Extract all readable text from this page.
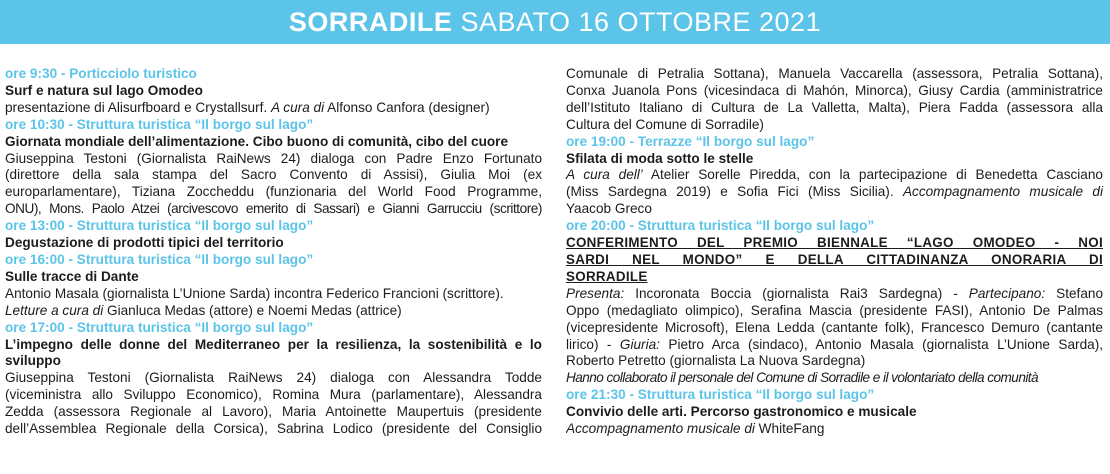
SORRADILE SABATO 16 OTTOBRE 2021
ore 9:30 - Porticciolo turistico
Surf e natura sul lago Omodeo
presentazione di Alisurfboard e Crystallsurf. A cura di Alfonso Canfora (designer)
ore 10:30 - Struttura turistica “Il borgo sul lago”
Giornata mondiale dell’alimentazione. Cibo buono di comunità, cibo del cuore
Giuseppina Testoni (Giornalista RaiNews 24) dialoga con Padre Enzo Fortunato
(direttore della sala stampa del Sacro Convento di Assisi), Giulia Moi (ex
europarlamentare), Tiziana Zoccheddu (funzionaria del World Food Programme,
ONU), Mons. Paolo Atzei (arcivescovo emerito di Sassari) e Gianni Garrucciu (scrittore)
ore 13:00 - Struttura turistica “Il borgo sul lago”
Degustazione di prodotti tipici del territorio
ore 16:00 - Struttura turistica “Il borgo sul lago”
Sulle tracce di Dante
Antonio Masala (giornalista L’Unione Sarda) incontra Federico Francioni (scrittore).
Letture a cura di Gianluca Medas (attore) e Noemi Medas (attrice)
ore 17:00 - Struttura turistica “Il borgo sul lago”
L’impegno delle donne del Mediterraneo per la resilienza, la sostenibilità e lo
sviluppo
Giuseppina Testoni (Giornalista RaiNews 24) dialoga con Alessandra Todde
(viceministra allo Sviluppo Economico), Romina Mura (parlamentare), Alessandra
Zedda (assessora Regionale al Lavoro), Maria Antoinette Maupertuis (presidente
dell’Assemblea Regionale della Corsica), Sabrina Lodico (presidente del Consiglio
Comunale di Petralia Sottana), Manuela Vaccarella (assessora, Petralia Sottana),
Conxa Juanola Pons (vicesindaca di Mahón, Minorca), Giusy Cardia (amministratrice
dell’Istituto Italiano di Cultura de La Valletta, Malta), Piera Fadda (assessora alla
Cultura del Comune di Sorradile)
ore 19:00 - Terrazze “Il borgo sul lago”
Sfilata di moda sotto le stelle
A cura dell’ Atelier Sorelle Piredda, con la partecipazione di Benedetta Casciano
(Miss Sardegna 2019) e Sofia Fici (Miss Sicilia). Accompagnamento musicale di
Yaacob Greco
ore 20:00 - Struttura turistica “Il borgo sul lago”
CONFERIMENTO DEL PREMIO BIENNALE “LAGO OMODEO - NOI
SARDI NEL MONDO” E DELLA CITTADINANZA ONORARIA DI
SORRADILE
Presenta: Incoronata Boccia (giornalista Rai3 Sardegna) - Partecipano: Stefano
Oppo (medagliato olimpico), Serafina Mascia (presidente FASI), Antonio De Palmas
(vicepresidente Microsoft), Elena Ledda (cantante folk), Francesco Demuro (cantante
lirico) - Giuria: Pietro Arca (sindaco), Antonio Masala (giornalista L’Unione Sarda),
Roberto Petretto (giornalista La Nuova Sardegna)
Hanno collaborato il personale del Comune di Sorradile e il volontariato della comunità
ore 21:30 - Struttura turistica “Il borgo sul lago”
Convivio delle arti. Percorso gastronomico e musicale
Accompagnamento musicale di WhiteFang
